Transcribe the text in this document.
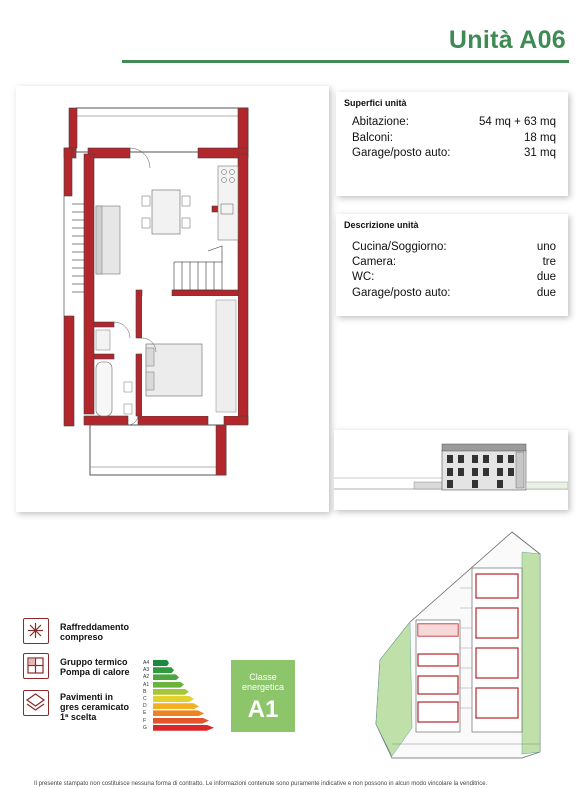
Unità A06
Superfici unità
Abitazione:	54 mq + 63 mq
Balconi:	18 mq
Garage/posto auto:	31 mq
Descrizione unità
Cucina/Soggiorno:	uno
Camera:	tre
WC:	due
Garage/posto auto:	due
Raffreddamento
compreso
Gruppo termico
Pompa di calore
Pavimenti in
gres ceramicato
1ª scelta
A4
A3
A2
A1
B
C
D
E
F
G
Classe
energetica
A1
Il presente stampato non costituisce nessuna forma di contratto. Le informazioni contenute sono puramente indicative e non possono in alcun modo vincolare la venditrice.
